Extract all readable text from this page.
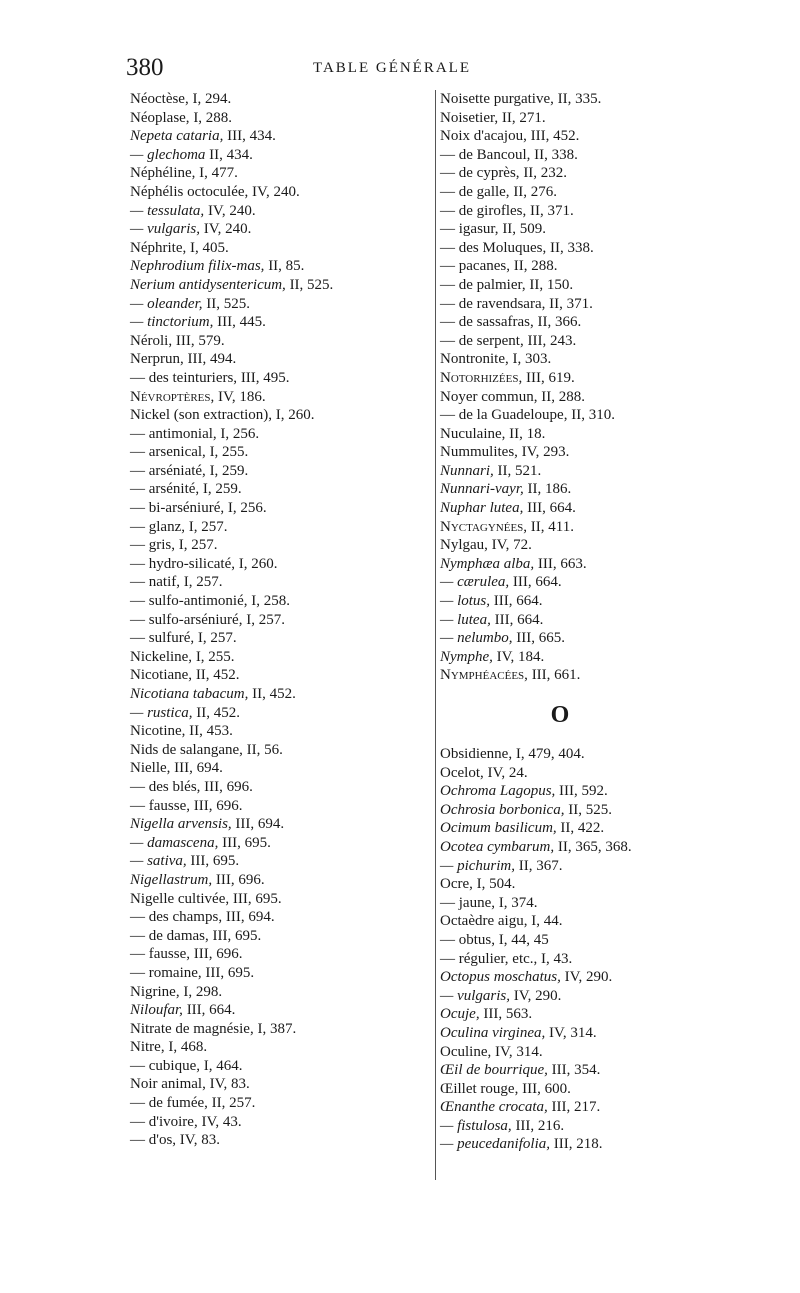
380	TABLE GÉNÉRALE
Néoctèse, I, 294.
Néoplase, I, 288.
Nepeta cataria, III, 434.
— glechoma II, 434.
Néphéline, I, 477.
Néphélis octoculée, IV, 240.
— tessulata, IV, 240.
— vulgaris, IV, 240.
Néphrite, I, 405.
Nephrodium filix-mas, II, 85.
Nerium antidysentericum, II, 525.
— oleander, II, 525.
— tinctorium, III, 445.
Néroli, III, 579.
Nerprun, III, 494.
— des teinturiers, III, 495.
Névroptères, IV, 186.
Nickel (son extraction), I, 260.
— antimonial, I, 256.
— arsenical, I, 255.
— arséniaté, I, 259.
— arsénité, I, 259.
— bi-arséniuré, I, 256.
— glanz, I, 257.
— gris, I, 257.
— hydro-silicaté, I, 260.
— natif, I, 257.
— sulfo-antimonié, I, 258.
— sulfo-arséniuré, I, 257.
— sulfuré, I, 257.
Nickeline, I, 255.
Nicotiane, II, 452.
Nicotiana tabacum, II, 452.
— rustica, II, 452.
Nicotine, II, 453.
Nids de salangane, II, 56.
Nielle, III, 694.
— des blés, III, 696.
— fausse, III, 696.
Nigella arvensis, III, 694.
— damascena, III, 695.
— sativa, III, 695.
Nigellastrum, III, 696.
Nigelle cultivée, III, 695.
— des champs, III, 694.
— de damas, III, 695.
— fausse, III, 696.
— romaine, III, 695.
Nigrine, I, 298.
Niloufar, III, 664.
Nitrate de magnésie, I, 387.
Nitre, I, 468.
— cubique, I, 464.
Noir animal, IV, 83.
— de fumée, II, 257.
— d'ivoire, IV, 43.
— d'os, IV, 83.
Noisette purgative, II, 335.
Noisetier, II, 271.
Noix d'acajou, III, 452.
— de Bancoul, II, 338.
— de cyprès, II, 232.
— de galle, II, 276.
— de girofles, II, 371.
— igasur, II, 509.
— des Moluques, II, 338.
— pacanes, II, 288.
— de palmier, II, 150.
— de ravendsara, II, 371.
— de sassafras, II, 366.
— de serpent, III, 243.
Nontronite, I, 303.
Notorhizées, III, 619.
Noyer commun, II, 288.
— de la Guadeloupe, II, 310.
Nuculaine, II, 18.
Nummulites, IV, 293.
Nunnari, II, 521.
Nunnari-vayr, II, 186.
Nuphar lutea, III, 664.
Nyctagynées, II, 411.
Nylgau, IV, 72.
Nymphæa alba, III, 663.
— cærulea, III, 664.
— lotus, III, 664.
— lutea, III, 664.
— nelumbo, III, 665.
Nymphe, IV, 184.
Nymphéacées, III, 661.
O
Obsidienne, I, 479, 404.
Ocelot, IV, 24.
Ochroma Lagopus, III, 592.
Ochrosia borbonica, II, 525.
Ocimum basilicum, II, 422.
Ocotea cymbarum, II, 365, 368.
— pichurim, II, 367.
Ocre, I, 504.
— jaune, I, 374.
Octaèdre aigu, I, 44.
— obtus, I, 44, 45
— régulier, etc., I, 43.
Octopus moschatus, IV, 290.
— vulgaris, IV, 290.
Ocuje, III, 563.
Oculina virginea, IV, 314.
Oculine, IV, 314.
Œil de bourrique, III, 354.
Œillet rouge, III, 600.
Œnanthe crocata, III, 217.
— fistulosa, III, 216.
— peucedanifolia, III, 218.
